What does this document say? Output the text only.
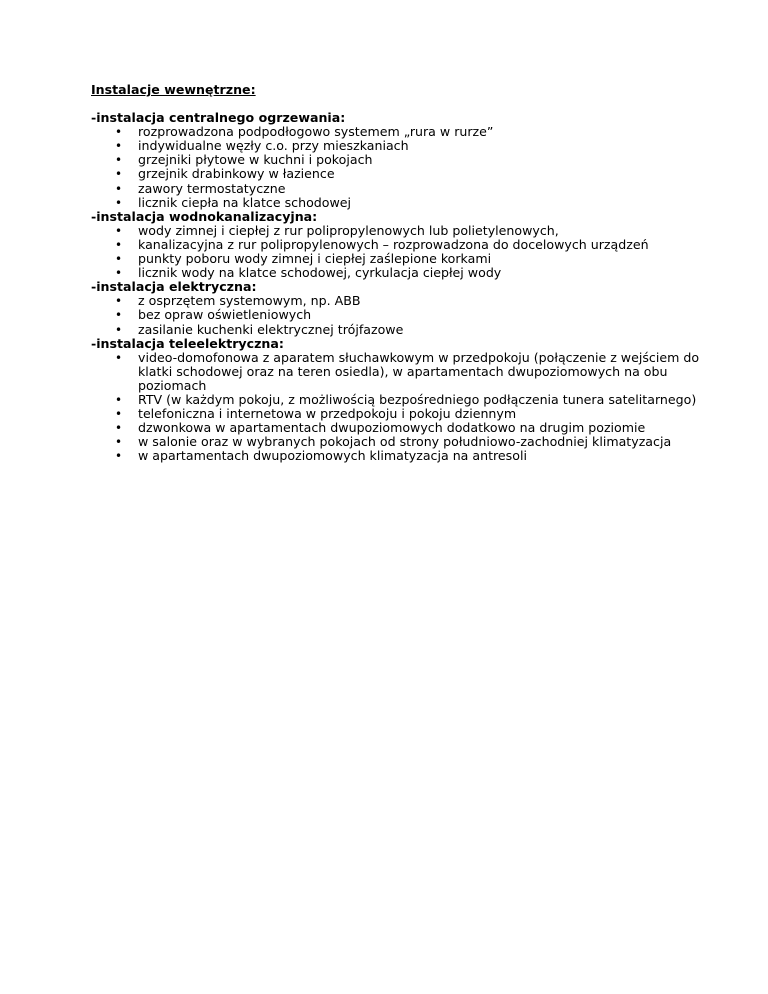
Instalacje wewnętrzne:
-instalacja centralnego ogrzewania:
• rozprowadzona podpodłogowo systemem „rura w rurze”
• indywidualne węzły c.o. przy mieszkaniach
• grzejniki płytowe w kuchni i pokojach
• grzejnik drabinkowy w łazience
• zawory termostatyczne
• licznik ciepła na klatce schodowej
-instalacja wodnokanalizacyjna:
• wody zimnej i ciepłej z rur polipropylenowych lub polietylenowych,
• kanalizacyjna z rur polipropylenowych – rozprowadzona do docelowych urządzeń
• punkty poboru wody zimnej i ciepłej zaślepione korkami
• licznik wody na klatce schodowej, cyrkulacja ciepłej wody
-instalacja elektryczna:
• z osprzętem systemowym, np. ABB
• bez opraw oświetleniowych
• zasilanie kuchenki elektrycznej trójfazowe
-instalacja teleelektryczna:
• video-domofonowa z aparatem słuchawkowym w przedpokoju (połączenie z wejściem do klatki schodowej oraz na teren osiedla), w apartamentach dwupoziomowych na obu poziomach
• RTV (w każdym pokoju, z możliwością bezpośredniego podłączenia tunera satelitarnego)
• telefoniczna i internetowa w przedpokoju i pokoju dziennym
• dzwonkowa w apartamentach dwupoziomowych dodatkowo na drugim poziomie
• w salonie oraz w wybranych pokojach od strony południowo-zachodniej klimatyzacja
• w apartamentach dwupoziomowych klimatyzacja na antresoli
